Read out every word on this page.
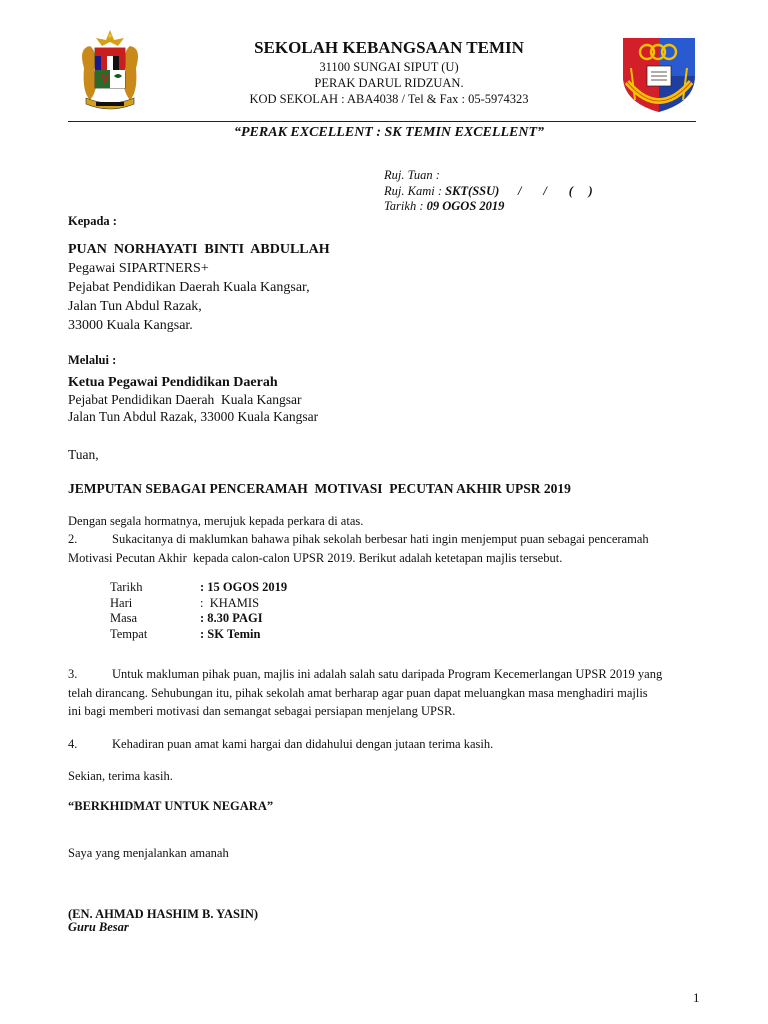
SEKOLAH KEBANGSAAN TEMIN
31100 SUNGAI SIPUT (U)
PERAK DARUL RIDZUAN.
KOD SEKOLAH : ABA4038 / Tel & Fax : 05-5974323
“PERAK EXCELLENT : SK TEMIN EXCELLENT”
Ruj. Tuan :
Ruj. Kami : SKT(SSU)      /       /       (     )
Tarikh : 09 OGOS 2019
Kepada :
PUAN  NORHAYATI  BINTI  ABDULLAH
Pegawai SIPARTNERS+
Pejabat Pendidikan Daerah Kuala Kangsar,
Jalan Tun Abdul Razak,
33000 Kuala Kangsar.
Melalui :
Ketua Pegawai Pendidikan Daerah
Pejabat Pendidikan Daerah  Kuala Kangsar
Jalan Tun Abdul Razak, 33000 Kuala Kangsar
Tuan,
JEMPUTAN SEBAGAI PENCERAMAH  MOTIVASI  PECUTAN AKHIR UPSR 2019
Dengan segala hormatnya, merujuk kepada perkara di atas.
2.	Sukacitanya di maklumkan bahawa pihak sekolah berbesar hati ingin menjemput puan sebagai penceramah
Motivasi Pecutan Akhir  kepada calon-calon UPSR 2019. Berikut adalah ketetapan majlis tersebut.
Tarikh	: 15 OGOS 2019
Hari	:  KHAMIS
Masa	: 8.30 PAGI
Tempat	: SK Temin
3.	Untuk makluman pihak puan, majlis ini adalah salah satu daripada Program Kecemerlangan UPSR 2019 yang
telah dirancang. Sehubungan itu, pihak sekolah amat berharap agar puan dapat meluangkan masa menghadiri majlis
ini bagi memberi motivasi dan semangat sebagai persiapan menjelang UPSR.
4.	Kehadiran puan amat kami hargai dan didahului dengan jutaan terima kasih.
Sekian, terima kasih.
“BERKHIDMAT UNTUK NEGARA”
Saya yang menjalankan amanah
(EN. AHMAD HASHIM B. YASIN)
Guru Besar
1
